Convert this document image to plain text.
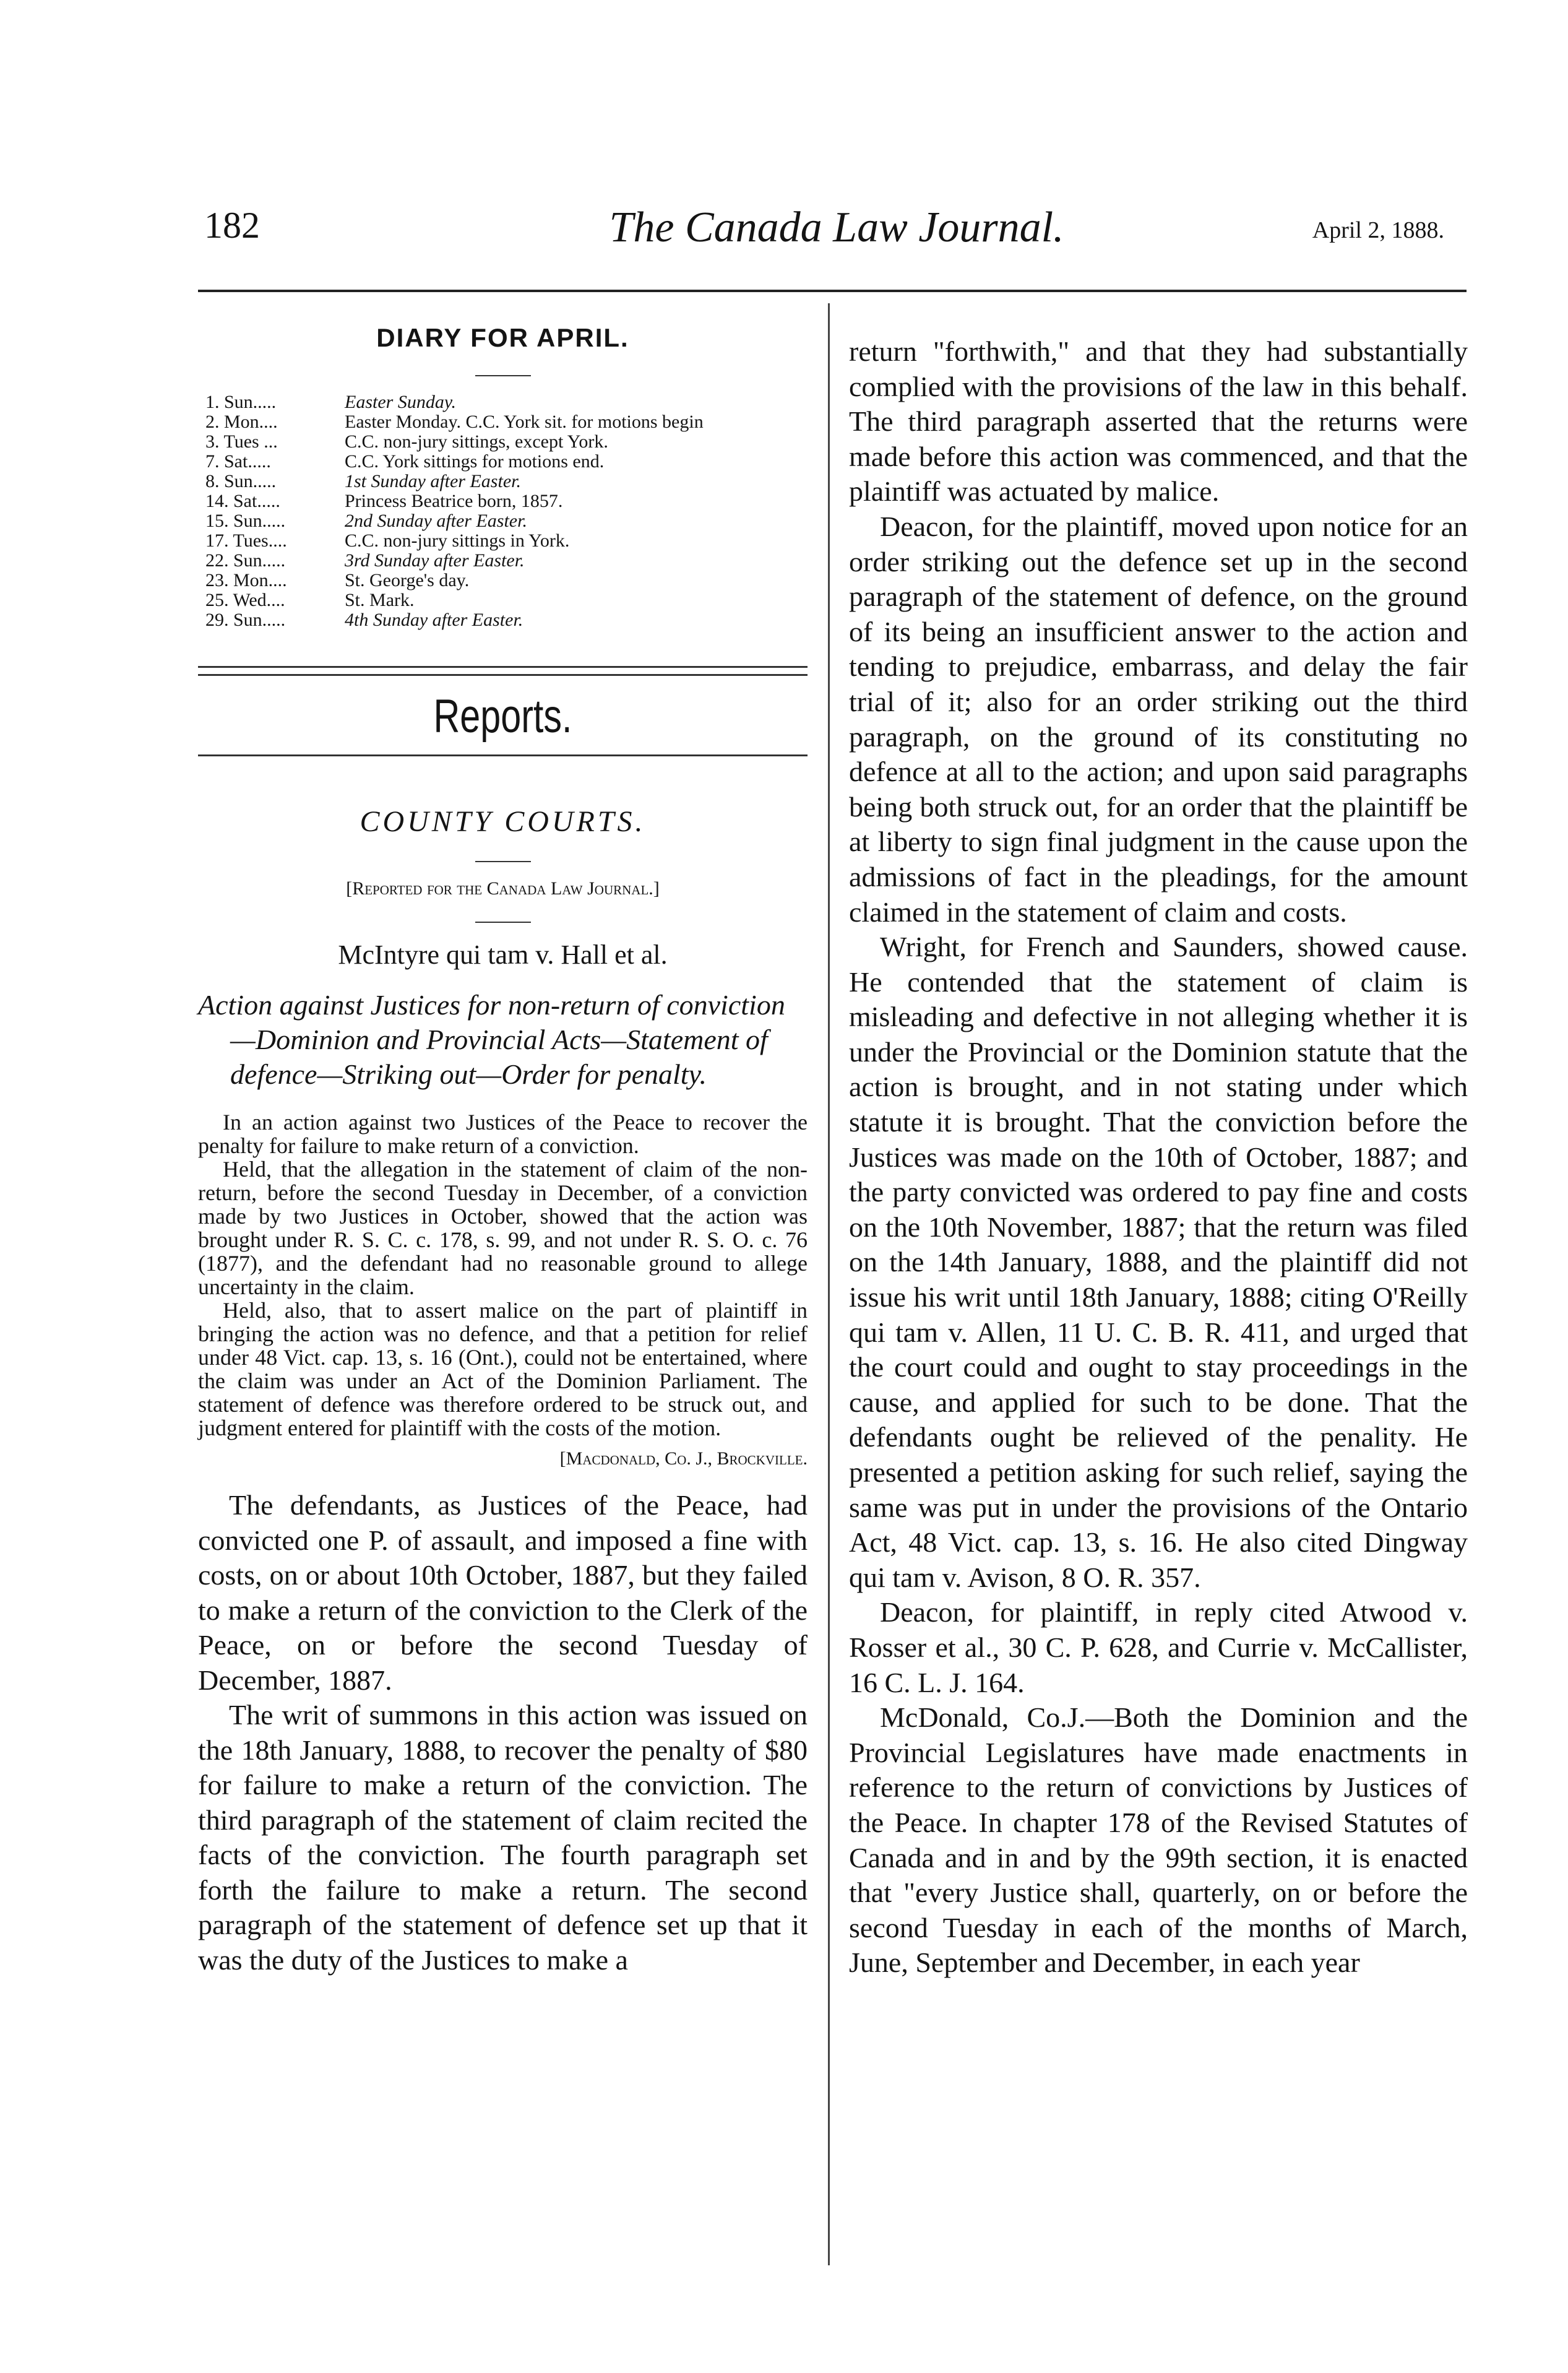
182	The Canada Law Journal.	April 2, 1888.
DIARY FOR APRIL.
1. Sun.....	Easter Sunday.
2. Mon....	Easter Monday. C.C. York sit. for motions begin
3. Tues ...	C.C. non-jury sittings, except York.
7. Sat.....	C.C. York sittings for motions end.
8. Sun.....	1st Sunday after Easter.
14. Sat.....	Princess Beatrice born, 1857.
15. Sun.....	2nd Sunday after Easter.
17. Tues....	C.C. non-jury sittings in York.
22. Sun.....	3rd Sunday after Easter.
23. Mon....	St. George's day.
25. Wed....	St. Mark.
29. Sun.....	4th Sunday after Easter.
Reports.
COUNTY COURTS.
[Reported for the Canada Law Journal.]
McIntyre qui tam v. Hall et al.
Action against Justices for non-return of conviction—Dominion and Provincial Acts—Statement of defence—Striking out—Order for penalty.

In an action against two Justices of the Peace to recover the penalty for failure to make return of a conviction.

Held, that the allegation in the statement of claim of the non-return, before the second Tuesday in December, of a conviction made by two Justices in October, showed that the action was brought under R. S. C. c. 178, s. 99, and not under R. S. O. c. 76 (1877), and the defendant had no reasonable ground to allege uncertainty in the claim.

Held, also, that to assert malice on the part of plaintiff in bringing the action was no defence, and that a petition for relief under 48 Vict. cap. 13, s. 16 (Ont.), could not be entertained, where the claim was under an Act of the Dominion Parliament. The statement of defence was therefore ordered to be struck out, and judgment entered for plaintiff with the costs of the motion.

[Macdonald, Co. J., Brockville.

The defendants, as Justices of the Peace, had convicted one P. of assault, and imposed a fine with costs, on or about 10th October, 1887, but they failed to make a return of the conviction to the Clerk of the Peace, on or before the second Tuesday of December, 1887.

The writ of summons in this action was issued on the 18th January, 1888, to recover the penalty of $80 for failure to make a return of the conviction. The third paragraph of the statement of claim recited the facts of the conviction. The fourth paragraph set forth the failure to make a return. The second paragraph of the statement of defence set up that it was the duty of the Justices to make a

return "forthwith," and that they had substantially complied with the provisions of the law in this behalf. The third paragraph asserted that the returns were made before this action was commenced, and that the plaintiff was actuated by malice.

Deacon, for the plaintiff, moved upon notice for an order striking out the defence set up in the second paragraph of the statement of defence, on the ground of its being an insufficient answer to the action and tending to prejudice, embarrass, and delay the fair trial of it; also for an order striking out the third paragraph, on the ground of its constituting no defence at all to the action; and upon said paragraphs being both struck out, for an order that the plaintiff be at liberty to sign final judgment in the cause upon the admissions of fact in the pleadings, for the amount claimed in the statement of claim and costs.

Wright, for French and Saunders, showed cause. He contended that the statement of claim is misleading and defective in not alleging whether it is under the Provincial or the Dominion statute that the action is brought, and in not stating under which statute it is brought. That the conviction before the Justices was made on the 10th of October, 1887; and the party convicted was ordered to pay fine and costs on the 10th November, 1887; that the return was filed on the 14th January, 1888, and the plaintiff did not issue his writ until 18th January, 1888; citing O'Reilly qui tam v. Allen, 11 U. C. B. R. 411, and urged that the court could and ought to stay proceedings in the cause, and applied for such to be done. That the defendants ought be relieved of the penality. He presented a petition asking for such relief, saying the same was put in under the provisions of the Ontario Act, 48 Vict. cap. 13, s. 16. He also cited Dingway qui tam v. Avison, 8 O. R. 357.

Deacon, for plaintiff, in reply cited Atwood v. Rosser et al., 30 C. P. 628, and Currie v. McCallister, 16 C. L. J. 164.

McDonald, Co.J.—Both the Dominion and the Provincial Legislatures have made enactments in reference to the return of convictions by Justices of the Peace. In chapter 178 of the Revised Statutes of Canada and in and by the 99th section, it is enacted that "every Justice shall, quarterly, on or before the second Tuesday in each of the months of March, June, September and December, in each year
